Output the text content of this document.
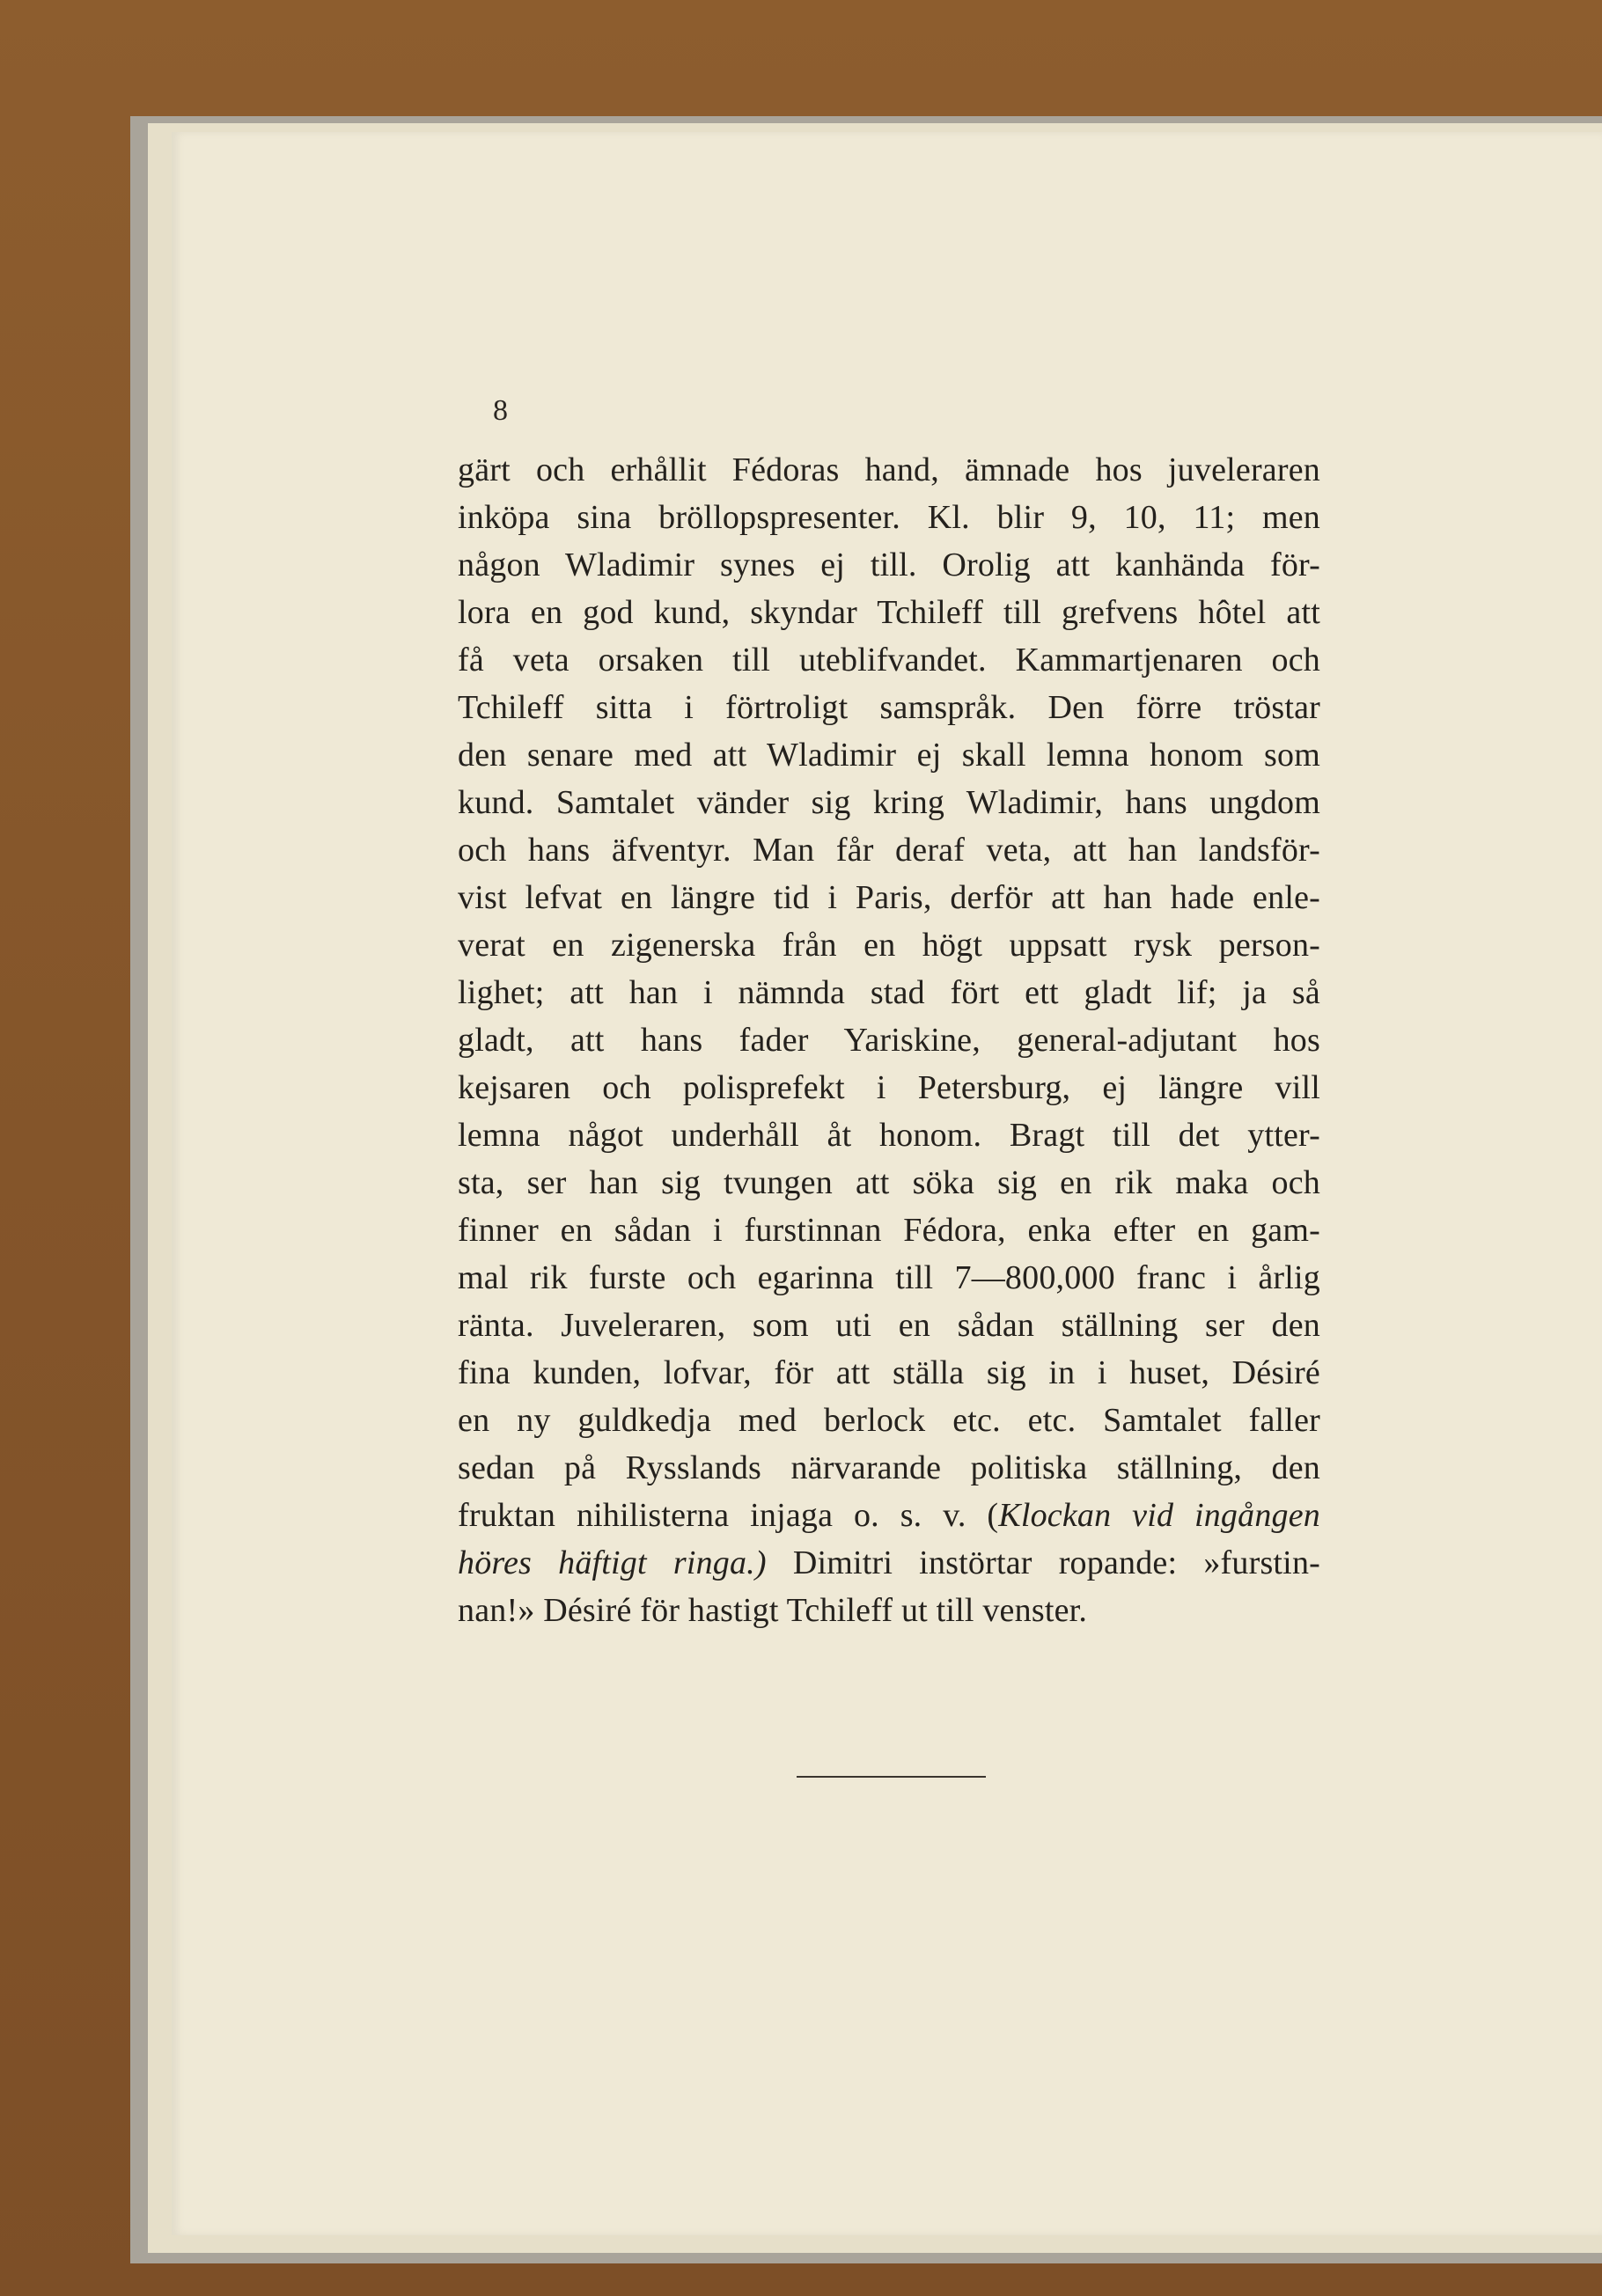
8
gärt och erhållit Fédoras hand, ämnade hos juveleraren
inköpa sina bröllopspresenter. Kl. blir 9, 10, 11; men
någon Wladimir synes ej till. Orolig att kanhända för-
lora en god kund, skyndar Tchileff till grefvens hôtel att
få veta orsaken till uteblifvandet. Kammartjenaren och
Tchileff sitta i förtroligt samspråk. Den förre tröstar
den senare med att Wladimir ej skall lemna honom som
kund. Samtalet vänder sig kring Wladimir, hans ungdom
och hans äfventyr. Man får deraf veta, att han landsför-
vist lefvat en längre tid i Paris, derför att han hade enle-
verat en zigenerska från en högt uppsatt rysk person-
lighet; att han i nämnda stad fört ett gladt lif; ja så
gladt, att hans fader Yariskine, general-adjutant hos
kejsaren och polisprefekt i Petersburg, ej längre vill
lemna något underhåll åt honom. Bragt till det ytter-
sta, ser han sig tvungen att söka sig en rik maka och
finner en sådan i furstinnan Fédora, enka efter en gam-
mal rik furste och egarinna till 7—800,000 franc i årlig
ränta. Juveleraren, som uti en sådan ställning ser den
fina kunden, lofvar, för att ställa sig in i huset, Désiré
en ny guldkedja med berlock etc. etc. Samtalet faller
sedan på Rysslands närvarande politiska ställning, den
fruktan nihilisterna injaga o. s. v. (Klockan vid ingången
höres häftigt ringa.) Dimitri instörtar ropande: »furstin-
nan!» Désiré för hastigt Tchileff ut till venster.
